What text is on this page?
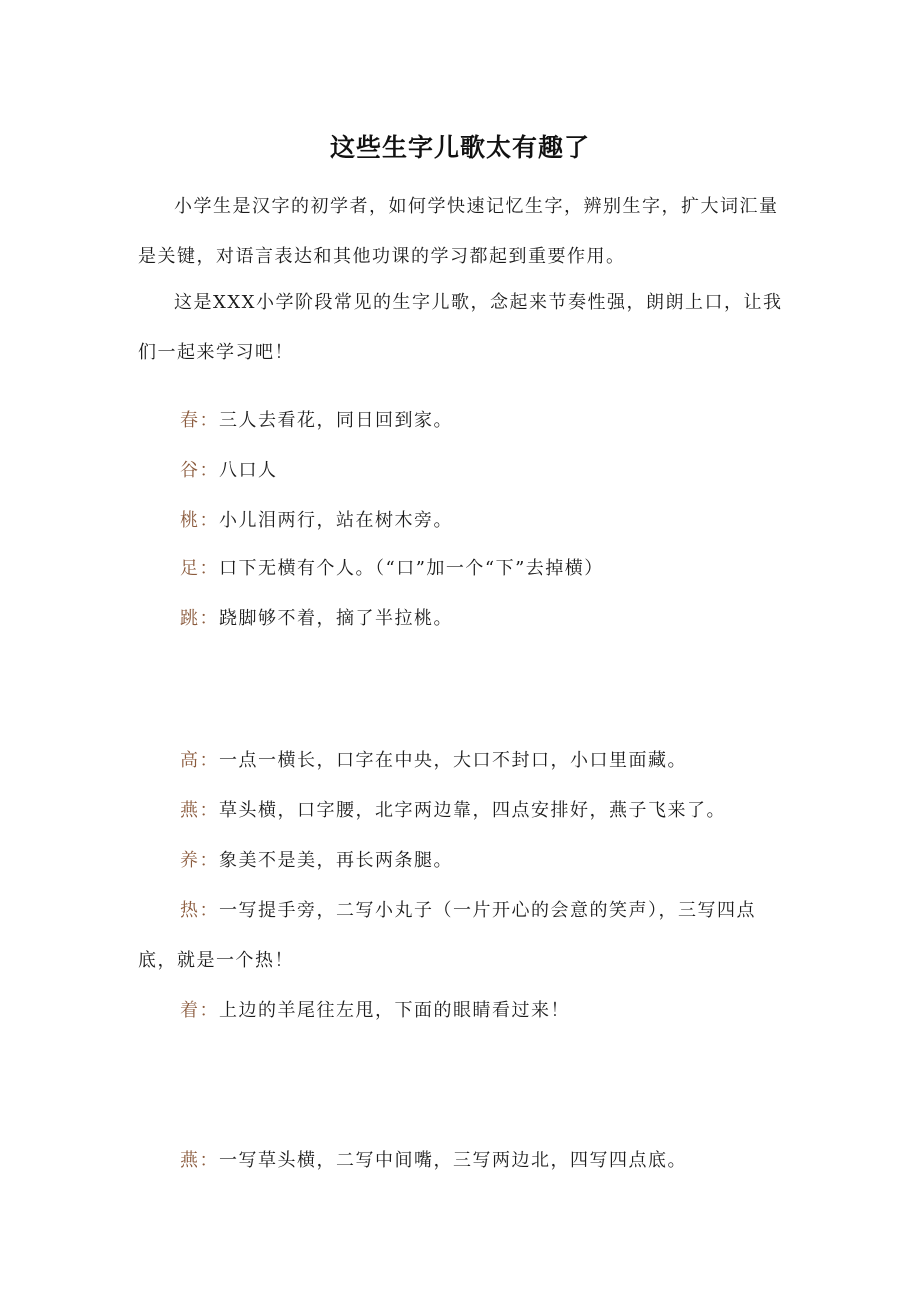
这些生字儿歌太有趣了

小学生是汉字的初学者，如何学快速记忆生字，辨别生字，扩大词汇量是关键，对语言表达和其他功课的学习都起到重要作用。

这是XXX小学阶段常见的生字儿歌，念起来节奏性强，朗朗上口，让我们一起来学习吧！

春：三人去看花，同日回到家。

谷：八口人

桃：小儿泪两行，站在树木旁。

足：口下无横有个人。（“口”加一个“下”去掉横）

跳：跷脚够不着，摘了半拉桃。

高：一点一横长，口字在中央，大口不封口，小口里面藏。

燕：草头横，口字腰，北字两边靠，四点安排好，燕子飞来了。

养：象美不是美，再长两条腿。

热：一写提手旁，二写小丸子（一片开心的会意的笑声），三写四点底，就是一个热！

着：上边的羊尾往左甩，下面的眼睛看过来！

燕：一写草头横，二写中间嘴，三写两边北，四写四点底。
